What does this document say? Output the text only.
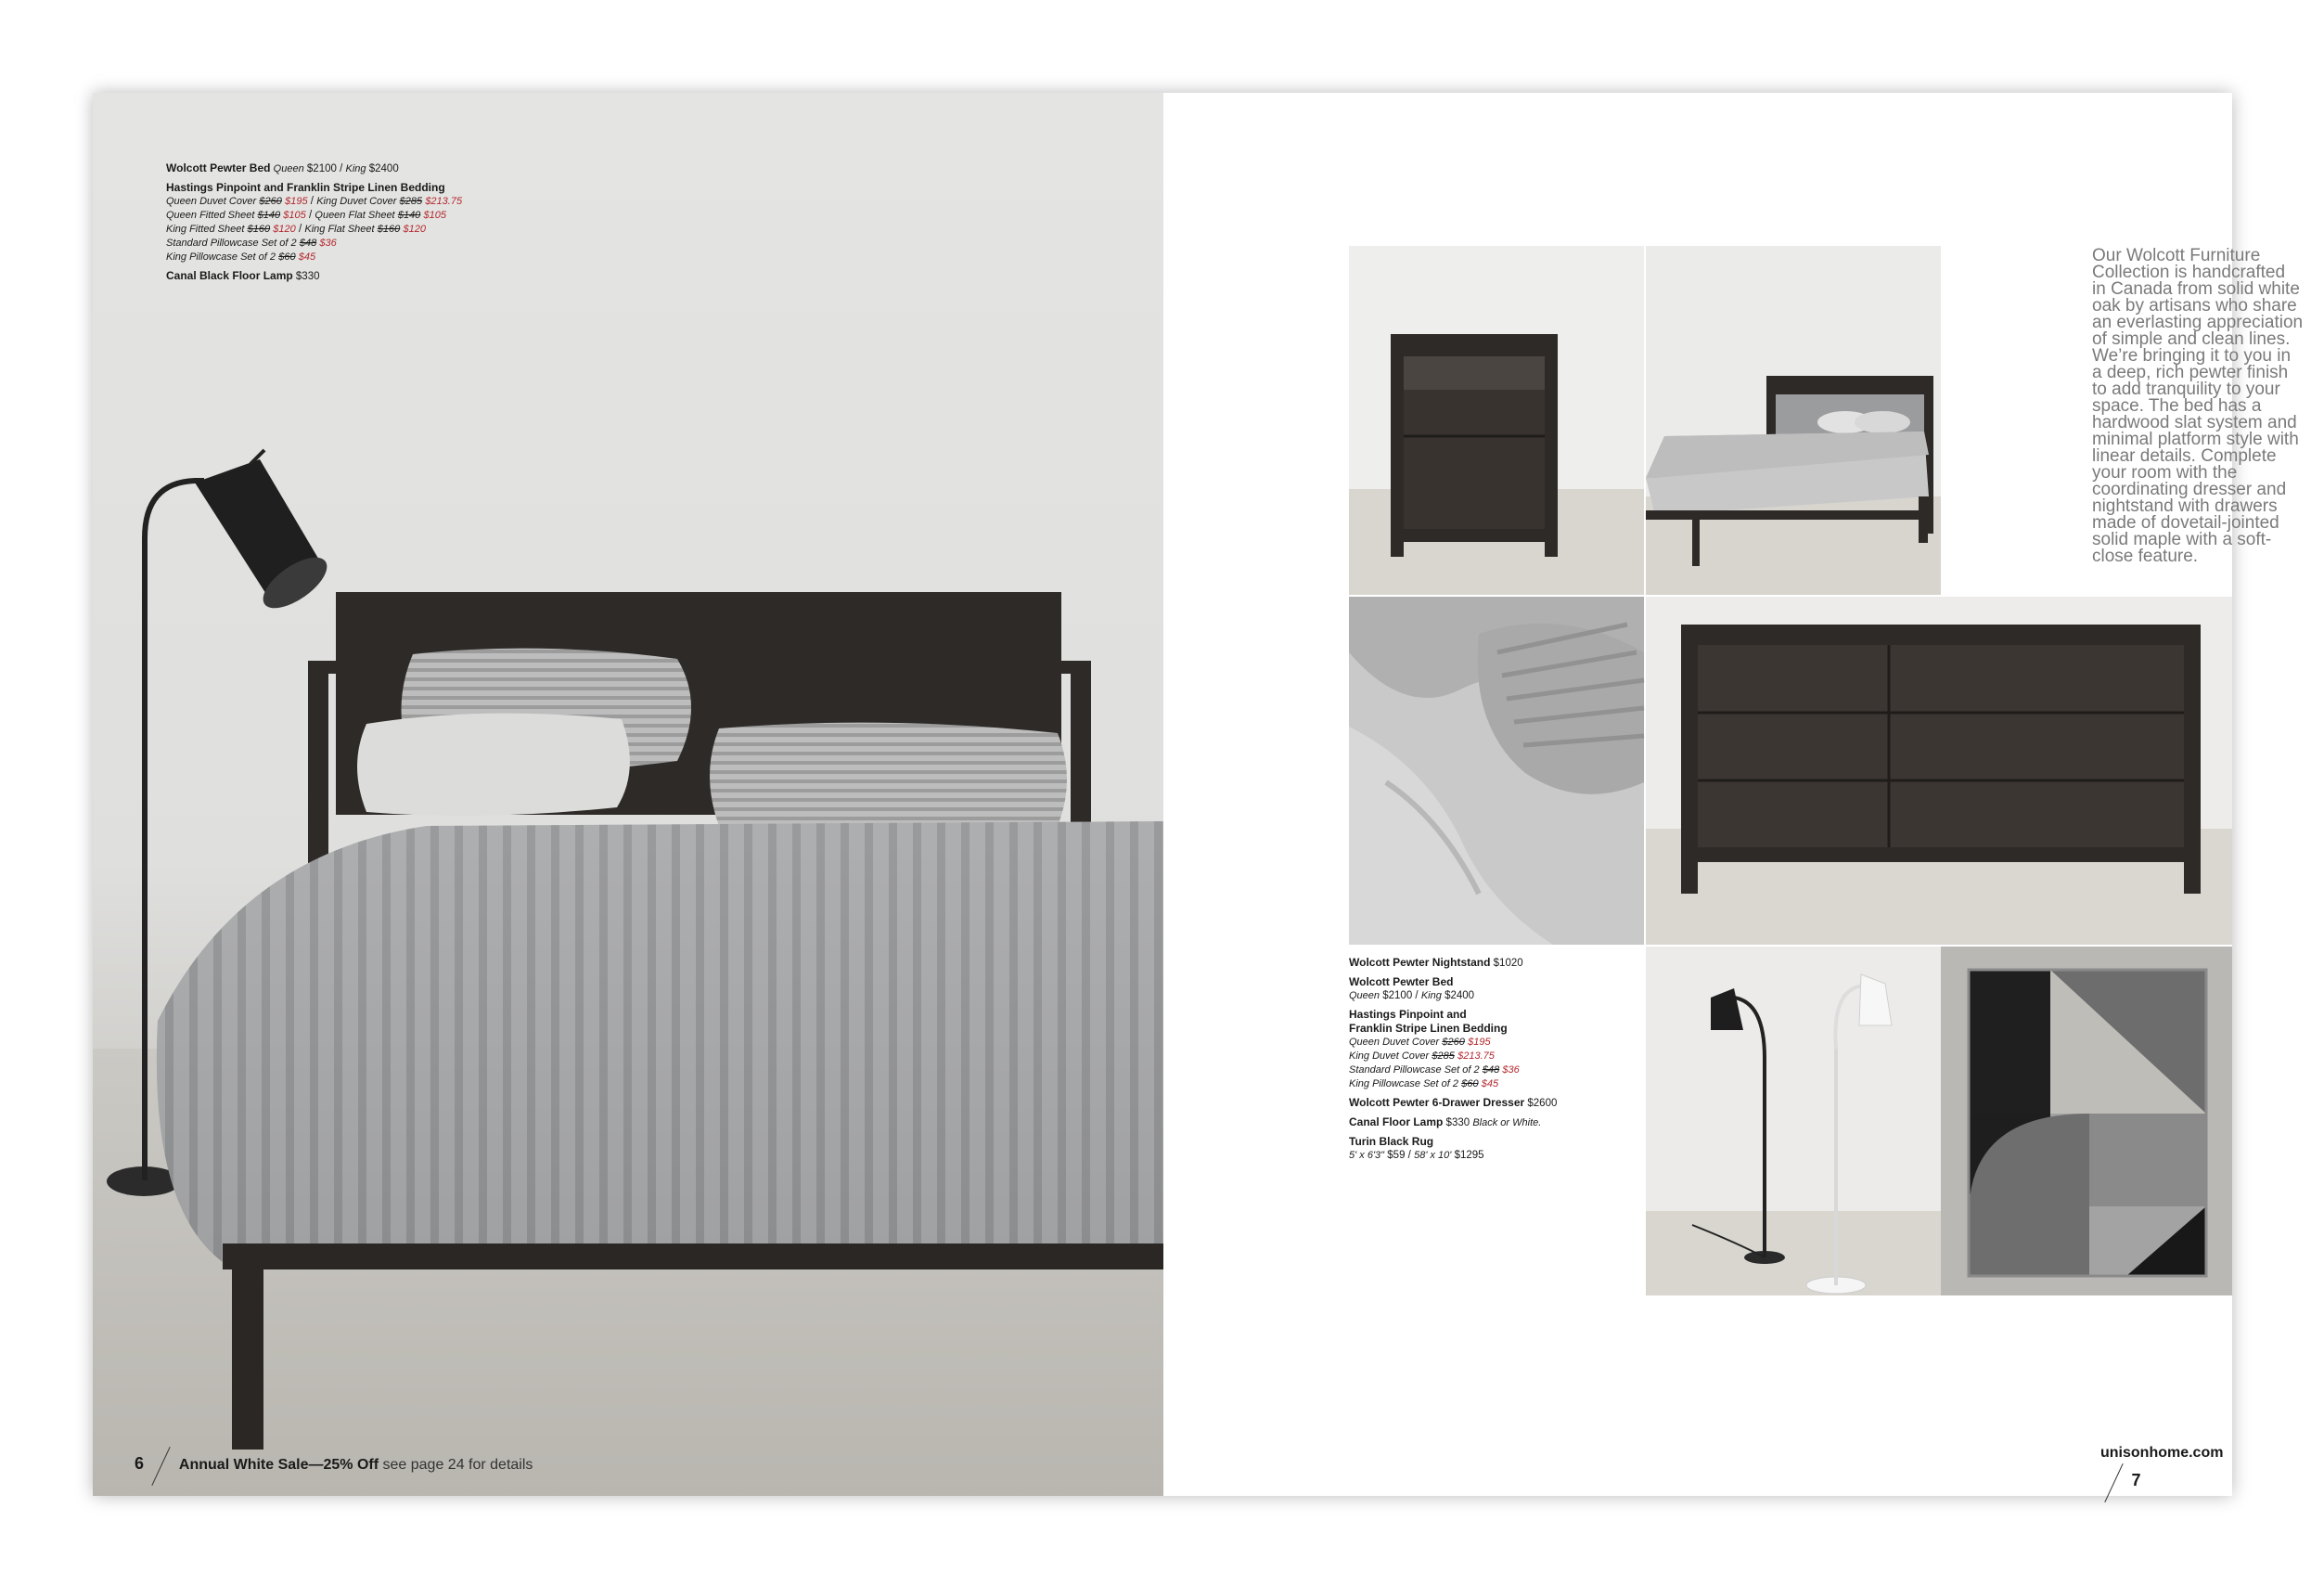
Wolcott Pewter Bed Queen $2100 / King $2400
Hastings Pinpoint and Franklin Stripe Linen Bedding
Queen Duvet Cover $260 $195 / King Duvet Cover $285 $213.75
Queen Fitted Sheet $140 $105 / Queen Flat Sheet $140 $105
King Fitted Sheet $160 $120 / King Flat Sheet $160 $120
Standard Pillowcase Set of 2 $48 $36
King Pillowcase Set of 2 $60 $45
Canal Black Floor Lamp $330
6 Annual White Sale—25% Off see page 24 for details
Our Wolcott Furniture
Collection is handcrafted
in Canada from solid white
oak by artisans who share
an everlasting appreciation
of simple and clean lines.
We’re bringing it to you in
a deep, rich pewter finish
to add tranquility to your
space. The bed has a
hardwood slat system and
minimal platform style with
linear details. Complete
your room with the
coordinating dresser and
nightstand with drawers
made of dovetail-jointed
solid maple with a soft-
close feature.
Wolcott Pewter Nightstand $1020
Wolcott Pewter Bed
Queen $2100 / King $2400
Hastings Pinpoint and
Franklin Stripe Linen Bedding
Queen Duvet Cover $260 $195
King Duvet Cover $285 $213.75
Standard Pillowcase Set of 2 $48 $36
King Pillowcase Set of 2 $60 $45
Wolcott Pewter 6-Drawer Dresser $2600
Canal Floor Lamp $330 Black or White.
Turin Black Rug
5' x 6'3" $59 / 58' x 10' $1295
unisonhome.com  7
